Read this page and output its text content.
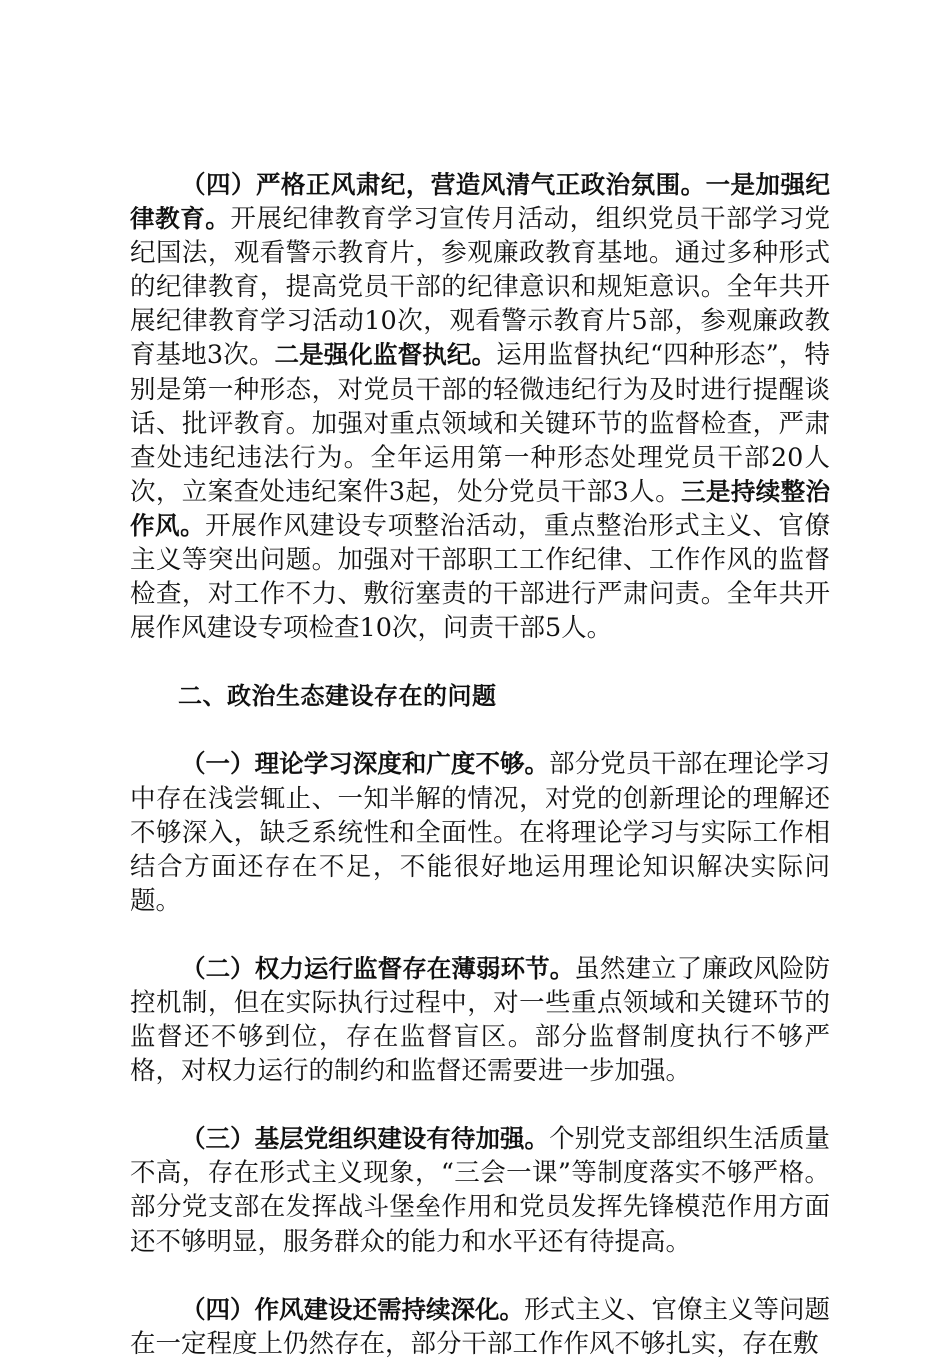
（四）严格正风肃纪，营造风清气正政治氛围。一是加强纪律教育。开展纪律教育学习宣传月活动，组织党员干部学习党纪国法，观看警示教育片，参观廉政教育基地。通过多种形式的纪律教育，提高党员干部的纪律意识和规矩意识。全年共开展纪律教育学习活动10次，观看警示教育片5部，参观廉政教育基地3次。二是强化监督执纪。运用监督执纪“四种形态”，特别是第一种形态，对党员干部的轻微违纪行为及时进行提醒谈话、批评教育。加强对重点领域和关键环节的监督检查，严肃查处违纪违法行为。全年运用第一种形态处理党员干部20人次，立案查处违纪案件3起，处分党员干部3人。三是持续整治作风。开展作风建设专项整治活动，重点整治形式主义、官僚主义等突出问题。加强对干部职工工作纪律、工作作风的监督检查，对工作不力、敷衍塞责的干部进行严肃问责。全年共开展作风建设专项检查10次，问责干部5人。

二、政治生态建设存在的问题

（一）理论学习深度和广度不够。部分党员干部在理论学习中存在浅尝辄止、一知半解的情况，对党的创新理论的理解还不够深入，缺乏系统性和全面性。在将理论学习与实际工作相结合方面还存在不足，不能很好地运用理论知识解决实际问题。

（二）权力运行监督存在薄弱环节。虽然建立了廉政风险防控机制，但在实际执行过程中，对一些重点领域和关键环节的监督还不够到位，存在监督盲区。部分监督制度执行不够严格，对权力运行的制约和监督还需要进一步加强。

（三）基层党组织建设有待加强。个别党支部组织生活质量不高，存在形式主义现象，“三会一课”等制度落实不够严格。部分党支部在发挥战斗堡垒作用和党员发挥先锋模范作用方面还不够明显，服务群众的能力和水平还有待提高。

（四）作风建设还需持续深化。形式主义、官僚主义等问题在一定程度上仍然存在，部分干部工作作风不够扎实，存在敷
